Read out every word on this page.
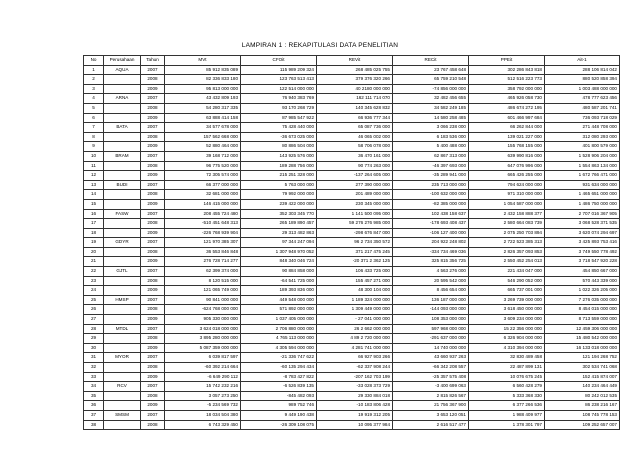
LAMPIRAN 1 : REKAPITULASI DATA PENELITIAN
No	Perusahaan	Tahun	MVt	CFOit	REVit	RECit	PPEit	Ait-1
1	AQUA	2007	85 912 835 089	115 989 209 324	268 485 025 755	23 767 458 648	302 286 843 818	288 106 814 042
2		2008	82 336 833 180	123 763 513 413	379 376 320 266	65 759 210 548	512 516 223 773	880 520 858 394
3		2009	95 813 000 000	122 514 000 000	40 2180 000 000	-74 856 000 000	358 792 000 000	1 003 488 000 000
4	ARNA	2007	43 432 809 193	76 940 383 769	162 111 714 070	32 482 456 655	465 926 058 730	478 777 623 456
5		2008	54 280 317 335	93 170 268 729	140 345 628 832	34 582 249 185	486 674 272 195	480 587 201 741
6		2009	63 888 414 158	87 985 547 922	66 936 777 344	14 580 258 485	601 466 997 684	736 093 718 029
7	BATA	2007	34 577 678 000	75 428 440 000	65 087 736 000	3 066 238 000	66 262 844 000	271 448 708 000
8		2008	157 562 668 000	-36 673 025 000	46 065 002 000	6 183 536 000	139 021 227 000	312 080 293 000
9		2009	52 880 464 000	80 886 504 000	58 706 078 000	5 400 488 000	155 768 155 000	401 800 579 000
10	BRAM	2007	39 168 712 000	143 925 576 000	36 470 161 000	62 867 313 000	639 990 816 000	1 528 906 204 000
11		2008	96 775 520 000	189 288 756 000	90 774 263 000	-46 397 693 000	647 076 996 000	1 554 863 134 000
12		2009	72 305 574 000	215 251 328 000	-137 264 605 000	-35 289 941 000	665 426 255 000	1 672 766 471 000
13	BUDI	2007	66 377 000 000	5 763 000 000	277 390 000 000	235 713 000 000	794 624 000 000	931 634 000 000
14		2008	32 681 000 000	79 992 000 000	201 489 000 000	-100 632 000 000	971 310 000 000	1 465 651 000 000
15		2009	146 415 000 000	239 422 000 000	230 345 000 000	-82 385 000 000	1 054 587 000 000	1 486 750 000 000
16	FASW	2007	208 455 724 480	352 303 345 770	1 141 500 095 000	102 438 158 637	2 432 158 888 377	2 707 016 367 905
17		2008	-510 451 648 313	265 189 890 457	59 276 276 985 000	-178 693 408 437	2 580 664 083 739	3 068 528 371 535
18		2009	-226 768 939 904	29 313 482 863	-298 676 847 000	-106 127 400 000	2 075 250 703 894	3 620 074 294 697
19	GDYR	2007	121 970 385 307	97 344 247 094	96 2 734 350 572	204 922 248 802	2 722 523 385 313	3 425 893 753 416
20		2008	36 553 846 848	1 307 948 970 052	371 217 475 245	-334 734 469 036	2 826 357 093 853	3 749 550 778 492
21		2009	276 728 714 277	848 340 046 724	-20 371 2 362 125	325 815 356 725	2 550 452 254 013	3 718 547 920 228
22	GJTL	2007	62 399 374 000	90 884 858 000	106 433 725 000	4 563 276 000	221 434 047 000	454 850 667 000
23		2008	8 120 515 000	-64 541 725 000	155 457 271 000	20 595 542 000	546 290 052 000	570 443 339 000
24		2009	121 065 749 000	189 393 836 000	48 300 104 000	8 456 654 000	665 737 001 000	1 022 326 205 000
25	HMSP	2007	90 841 000 000	449 548 000 000	1 189 324 000 000	136 187 000 000	3 269 739 000 000	7 276 035 000 000
26		2008	-624 768 000 000	571 892 000 000	1 309 449 000 000	-144 093 000 000	3 618 450 000 000	8 454 015 000 000
27		2009	905 330 000 000	1 037 405 000 000	- 27 041 000 000	108 353 000 000	3 609 234 000 000	8 713 559 000 000
28	MTDL	2007	3 624 018 000 000	2 706 880 000 000	26 2 662 000 000	597 968 000 000	15 22 356 000 000	12 459 306 000 000
29		2008	3 895 280 000 000	4 765 113 000 000	4 89 2 720 000 000	-291 637 000 000	6 326 904 000 000	15 480 542 000 000
30		2009	5 087 359 000 000	4 305 594 000 000	4 281 741 000 000	14 740 000 000	4 310 394 000 000	16 133 018 000 000
31	MYOR	2007	6 039 817 597	-21 336 747 622	66 927 903 266	43 660 937 263	32 830 489 458	121 194 268 752
32		2008	-60 392 214 664	-60 135 294 434	-62 337 908 244	-66 342 208 557	22 487 899 131	302 534 741 068
33		2009	-6 649 290 112	-8 783 427 822	-207 162 703 199	-25 357 575 408	10 076 675 245	152 415 874 007
34	RCV	2007	15 742 232 216	-6 526 839 135	-33 028 373 729	-3 400 699 063	6 560 428 279	140 234 464 449
35		2008	3 057 273 250	-845 482 093	29 330 884 018	2 815 826 567	5 333 368 330	80 242 012 535
36		2009	-5 234 569 732	989 752 746	-10 183 806 428	21 756 367 900	6 377 266 536	86 238 216 167
37	SMSM	2007	18 034 504 380	9 449 190 438	19 919 312 205	3 653 120 051	1 988 409 977	108 745 778 153
38		2008	6 743 329 450	-26 309 108 075	10 095 377 984	2 616 517 477	1 378 301 797	109 252 657 007
